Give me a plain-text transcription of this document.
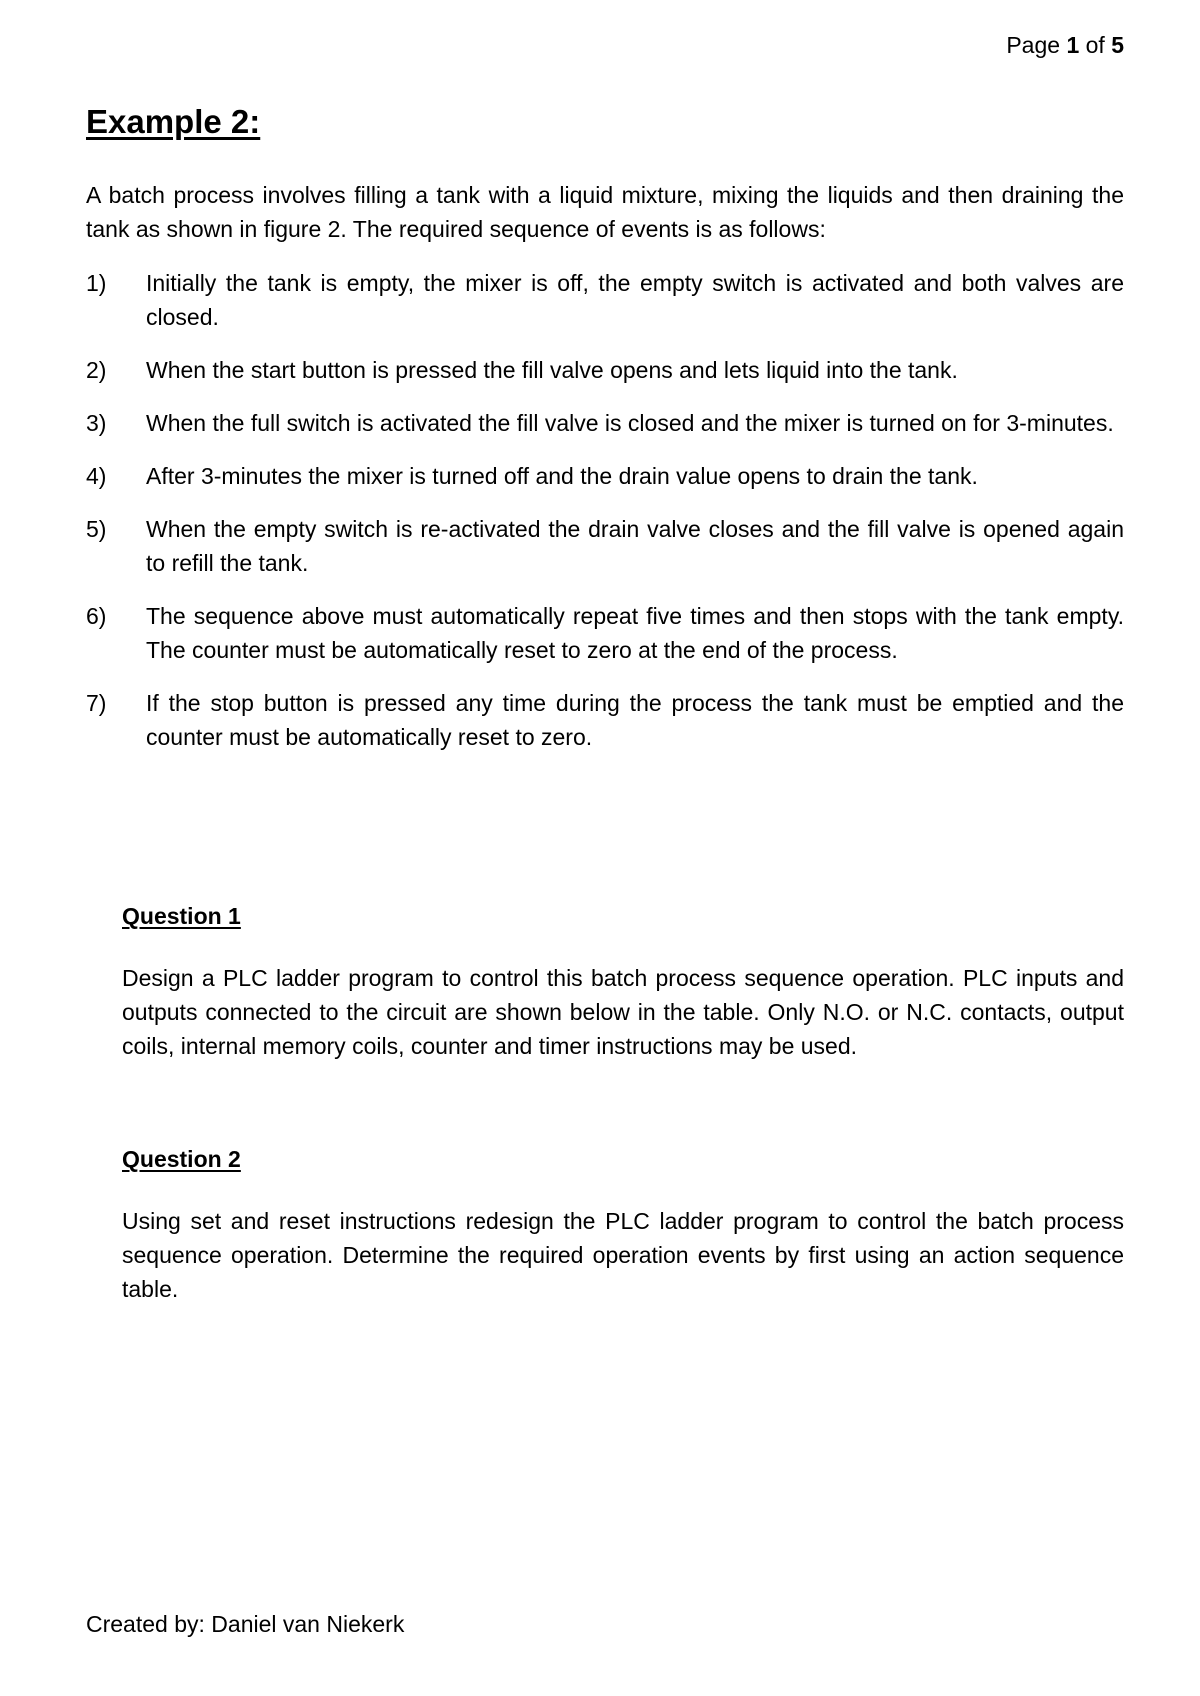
Page 1 of 5
Example 2:

A batch process involves filling a tank with a liquid mixture, mixing the liquids and then draining the tank as shown in figure 2. The required sequence of events is as follows:

1)	Initially the tank is empty, the mixer is off, the empty switch is activated and both valves are closed.
2)	When the start button is pressed the fill valve opens and lets liquid into the tank.
3)	When the full switch is activated the fill valve is closed and the mixer is turned on for 3-minutes.
4)	After 3-minutes the mixer is turned off and the drain value opens to drain the tank.
5)	When the empty switch is re-activated the drain valve closes and the fill valve is opened again to refill the tank.
6)	The sequence above must automatically repeat five times and then stops with the tank empty. The counter must be automatically reset to zero at the end of the process.
7)	If the stop button is pressed any time during the process the tank must be emptied and the counter must be automatically reset to zero.
Question 1

Design a PLC ladder program to control this batch process sequence operation. PLC inputs and outputs connected to the circuit are shown below in the table. Only N.O. or N.C. contacts, output coils, internal memory coils, counter and timer instructions may be used.

Question 2

Using set and reset instructions redesign the PLC ladder program to control the batch process sequence operation. Determine the required operation events by first using an action sequence table.

Created by: Daniel van Niekerk
